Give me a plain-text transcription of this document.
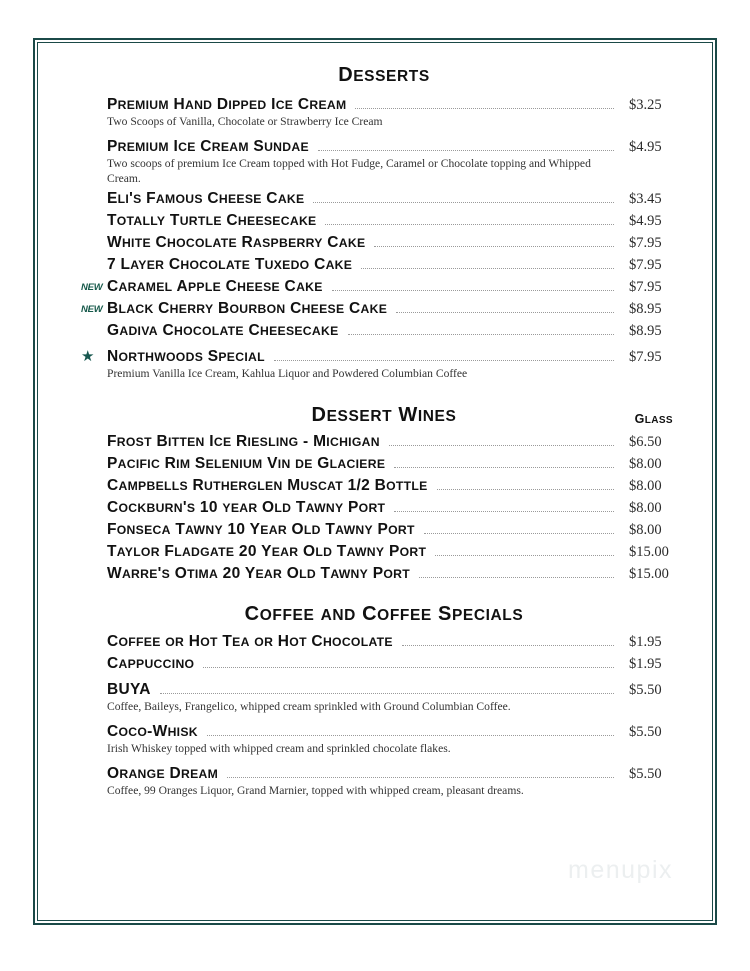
DESSERTS
PREMIUM HAND DIPPED ICE CREAM	$3.25
Two Scoops of Vanilla, Chocolate or Strawberry Ice Cream
PREMIUM ICE CREAM SUNDAE	$4.95
Two scoops of premium Ice Cream topped with Hot Fudge, Caramel or Chocolate topping and Whipped Cream.
ELI'S FAMOUS CHEESE CAKE	$3.45
TOTALLY TURTLE CHEESECAKE	$4.95
WHITE CHOCOLATE RASPBERRY CAKE	$7.95
7 LAYER CHOCOLATE TUXEDO CAKE	$7.95
NEW CARAMEL APPLE CHEESE CAKE	$7.95
NEW BLACK CHERRY BOURBON CHEESE CAKE	$8.95
GADIVA CHOCOLATE CHEESECAKE	$8.95
★ NORTHWOODS SPECIAL	$7.95
Premium Vanilla Ice Cream, Kahlua Liquor and Powdered Columbian Coffee
DESSERT WINES	GLASS
FROST BITTEN ICE RIESLING - MICHIGAN	$6.50
PACIFIC RIM SELENIUM VIN DE GLACIERE	$8.00
CAMPBELLS RUTHERGLEN MUSCAT 1/2 BOTTLE	$8.00
COCKBURN'S 10 YEAR OLD TAWNY PORT	$8.00
FONSECA TAWNY 10 YEAR OLD TAWNY PORT	$8.00
TAYLOR FLADGATE 20 YEAR OLD TAWNY PORT	$15.00
WARRE'S OTIMA 20 YEAR OLD TAWNY PORT	$15.00
COFFEE AND COFFEE SPECIALS
COFFEE OR HOT TEA OR HOT CHOCOLATE	$1.95
CAPPUCCINO	$1.95
BUYA	$5.50
Coffee, Baileys, Frangelico, whipped cream sprinkled with Ground Columbian Coffee.
COCO-WHISK	$5.50
Irish Whiskey topped with whipped cream and sprinkled chocolate flakes.
ORANGE DREAM	$5.50
Coffee, 99 Oranges Liquor, Grand Marnier, topped with whipped cream, pleasant dreams.
menupix
